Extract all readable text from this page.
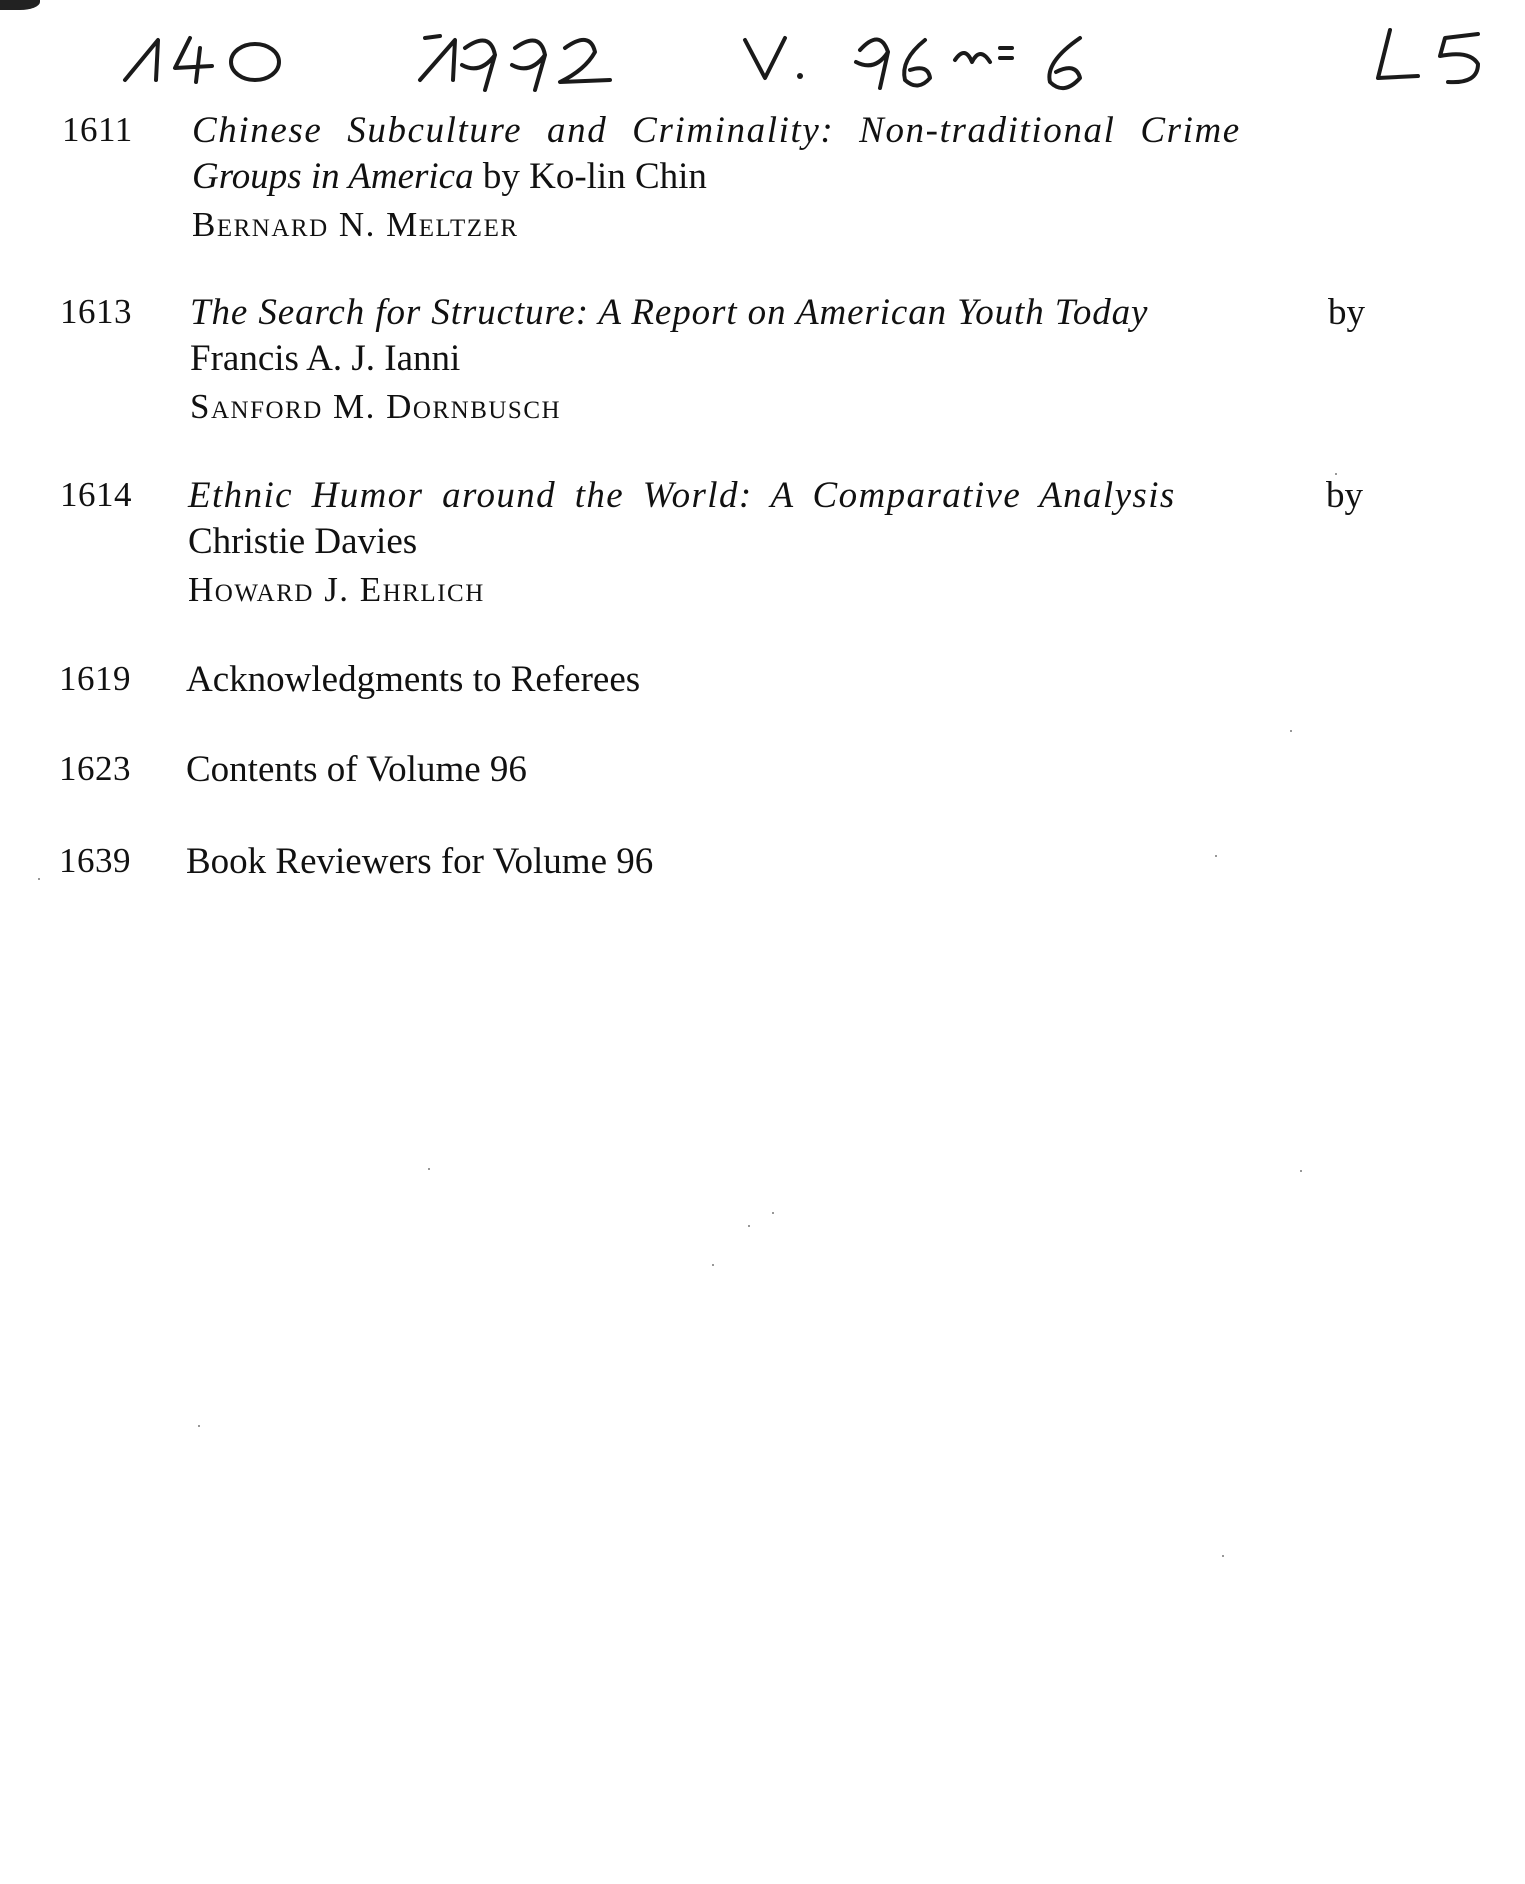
1611 Chinese Subculture and Criminality: Non-traditional Crime
Groups in America by Ko-lin Chin
Bernard N. Meltzer
1613 The Search for Structure: A Report on American Youth Today	by
Francis A. J. Ianni
Sanford M. Dornbusch
1614 Ethnic Humor around the World: A Comparative Analysis	by
Christie Davies
Howard J. Ehrlich
1619 Acknowledgments to Referees
1623 Contents of Volume 96
1639 Book Reviewers for Volume 96
